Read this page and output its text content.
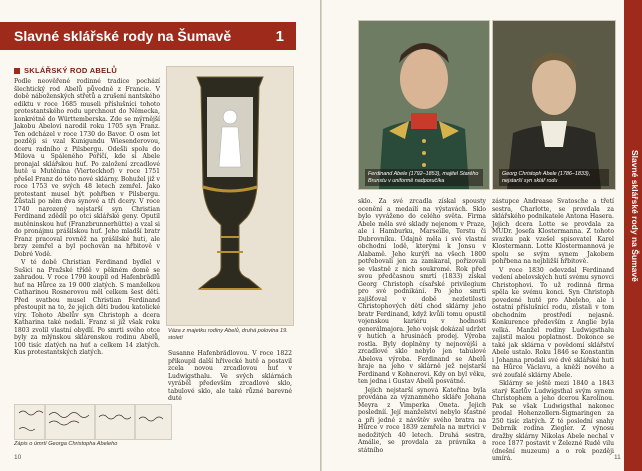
Slavné sklářské rody na Šumavě	1
SKLÁŘSKÝ ROD ABELŮ

Podle neověřené rodinné tradice pochází šlechtický rod Abelů původně z Francie. V době náboženských střetů a zrušení nantského ediktu v roce 1685 museli příslušníci tohoto protestantského rodu uprchnout do Německa, konkrétně do Württemberska. Zde se mýrnější Jakobu Abelovi narodil roku 1705 syn Franz. Ten odcházel v roce 1730 do Bavor. O osm let později si vzal Kunigundu Wiesenderovou, dceru radního z Pilsbergu. Odešli spolu do Milova u Spáleného Poříčí, kde si Abele pronajal sklářskou huť. Po založení zrcadlové hutě u Mutěnína (Vierteckhof) v roce 1751 přešel Franz do této nové sklárny. Bohužel již v roce 1753 ve svých 48 letech zemřel. Jako protestant musel být pohřben v Pilsbergu. Zůstali po něm dva synové a tři dcery. V roce 1740 narozený nejstarší syn Christian Ferdinand zdědil po otci sklářské geny. Oputil mutěninskou huť (Franzbrunnerhütte) a vzal si do pronájmu prášilskou huť. Jeho mladší bratr Franz pracoval rovněž na prášilské huti, ale brzy zemřel a byl pochován na hřbitově v Dobré Vodě.

V té době Christian Ferdinand bydlel v Sušici na Pražské třídě v pěkném domě se zahradou. V roce 1790 koupil od Hafenbrädlů huť na Hůrce za 19 000 zlatých. S manželkou Catharinou Rosnerovou měl celkem šest dětí. Před svatbou musel Christian Ferdinand přestoupit na to, že jejich děti budou katolické víry. Tohoto Abelův syn Christoph a dcera Katharina také nedali. Franz si již však roku 1803 zvolil vlastní obydlí. Po smrti svého otce byly za mlýnskou sklárenskou rodinu Abelů, 100 tisíc zlatých na huť a celkem 14 zlatých. Kus protestantských zlatých.

Váza z majetku rodiny Abelů, druhá polovina 19. století

Susanne Hafenbrädlovou. V roce 1822 přikoupil další hřivecké hutě a postavil zcela novou zrcadlovou huť v Ludwigsthalu. Ve svých sklárnách vyráběl především zrcadlové sklo, tabulové sklo, ale také různé barevné duté

Zápis o úmrtí Georga Christopha Abeleho
10
Ferdinand Abele (1792–1853), majitel Starého Brunstu v uniformě nadporučíka
Georg Christoph Abele (1786–1833), nejstarší syn sklář rodu

sklo. Za své zrcadla získal spousty ocenění a medailí na výstavách. Sklo bylo vyváženo do celého světa. Firma Abele měla své sklady nejenom v Praze, ale i Hamburku, Marseille, Terstu či Dubrovníku. Údajně měla i své vlastní obchodní lodě, kterými k Jonsu v Alabamě. Jeho kurýři na všech 1800 potřebovali jen za zamkaral, pořizovali se vlastně z nich soukromé. Rok před svou předčasnou smrtí (1833) získal Georg Christoph císařské privilegium pro své podnikání. Po jeho smrti zajišťoval v době nezletilosti Christophových dětí chod sklárny jeho bratr Ferdinand, když kvůli tomu opustil vojenskou kariéru v hodnosti generálmajora. Jeho vojsk dokázal udržet v hutích a hrusinách prodej. Výroba rostla. Byly doplněny ty nejnovější a zrcadlové sklo nebylo jen tabulové Abelova výroba. Ferdinand se Abelů hraje na jeho v sklárně jež nejstarší Ferdinand v Kohnerovi. Kdy on byl věku, ten jedna i Gustav Abelů posvátně.

Jejich nejstarší synová Kateřina byla provdána za významného skláře Johana Meyra z Vimperka Oneta. Jejich posledníí. Její manželství nebylo šťastné a při jedné z návštěv svého bratra na Hůrce v roce 1839 zemřela na mrtvici v nedožitých 40 letech. Druhá sestra, Amálie, se provdala za právníka a státního

zástupce Andrease Svatoschе a třetí sestra, Charlotte, se provdala za sklářského podnikatele Antona Hasera. Jejich dcera Lotte se provdala za MUDr. Josefa Klostermanna. Z tohoto svazku pak vzešel spisovatel Karel Klostermann. Lotte Klostermannová je spolu se svým synem Jakobem pohřbena na nejbližší hřbitově.

V roce 1830 odevzdal Ferdinand vedení abelovských hutí svému synovci Christophovi. To už rodinná firma spěla ke svému konci. Syn Christoph povedené hutě pro Abeleho, ale i ostatní příslušníci rodu, zůstali v tom obchodním prostředí nejasně. Konkurence především z Anglie byla velká. Manžel rodiny Ludwigsthalu zajistil malou poplatnost. Dokonce se také jak sklárna v povědomí sklářství Abele ustalo. Roku 1846 se Konstantin i Johanna prodali své dvě sklářské huti na Hůrce Václavu, a kněží nového a své zoufalé sklárny Abele.

Sklárny se ještě mezi 1840 a 1843 starý Karlův Ludwigsthal svým synem Christophem a jeho dcerou Karolínou. Pak se však Ludwigsthal nakonec prodal Hohenzollern-Sigmaringen za 250 tisíc zlatých. Z té poslední snahy Debrník rodina Ziegler. Z výnosu dražby sklárny Nikolas Abele nechal v roce 1877 postavit v Železné Rudě vilu (dnešní muzeum) a o rok později umírá.

Slavné sklářské rody na Šumavě
11
